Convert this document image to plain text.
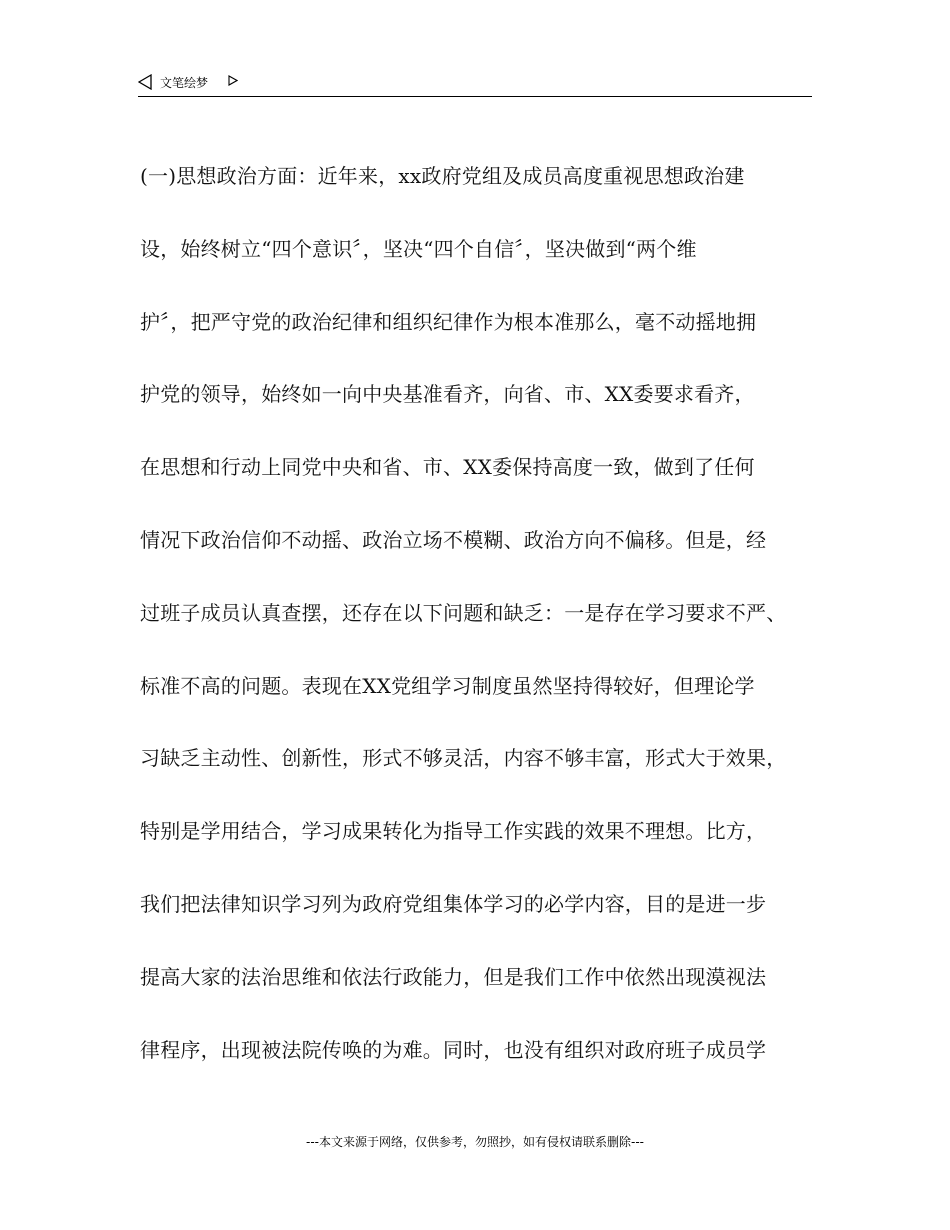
文笔绘梦
(一)思想政治方面：近年来，xx政府党组及成员高度重视思想政治建
设，始终树立“四个意识〞，坚决“四个自信〞，坚决做到“两个维
护〞，把严守党的政治纪律和组织纪律作为根本准那么，毫不动摇地拥
护党的领导，始终如一向中央基准看齐，向省、市、XX委要求看齐，
在思想和行动上同党中央和省、市、XX委保持高度一致，做到了任何
情况下政治信仰不动摇、政治立场不模糊、政治方向不偏移。但是，经
过班子成员认真查摆，还存在以下问题和缺乏：一是存在学习要求不严、
标准不高的问题。表现在XX党组学习制度虽然坚持得较好，但理论学
习缺乏主动性、创新性，形式不够灵活，内容不够丰富，形式大于效果，
特别是学用结合，学习成果转化为指导工作实践的效果不理想。比方，
我们把法律知识学习列为政府党组集体学习的必学内容，目的是进一步
提高大家的法治思维和依法行政能力，但是我们工作中依然出现漠视法
律程序，出现被法院传唤的为难。同时，也没有组织对政府班子成员学
---本文来源于网络，仅供参考，勿照抄，如有侵权请联系删除---
